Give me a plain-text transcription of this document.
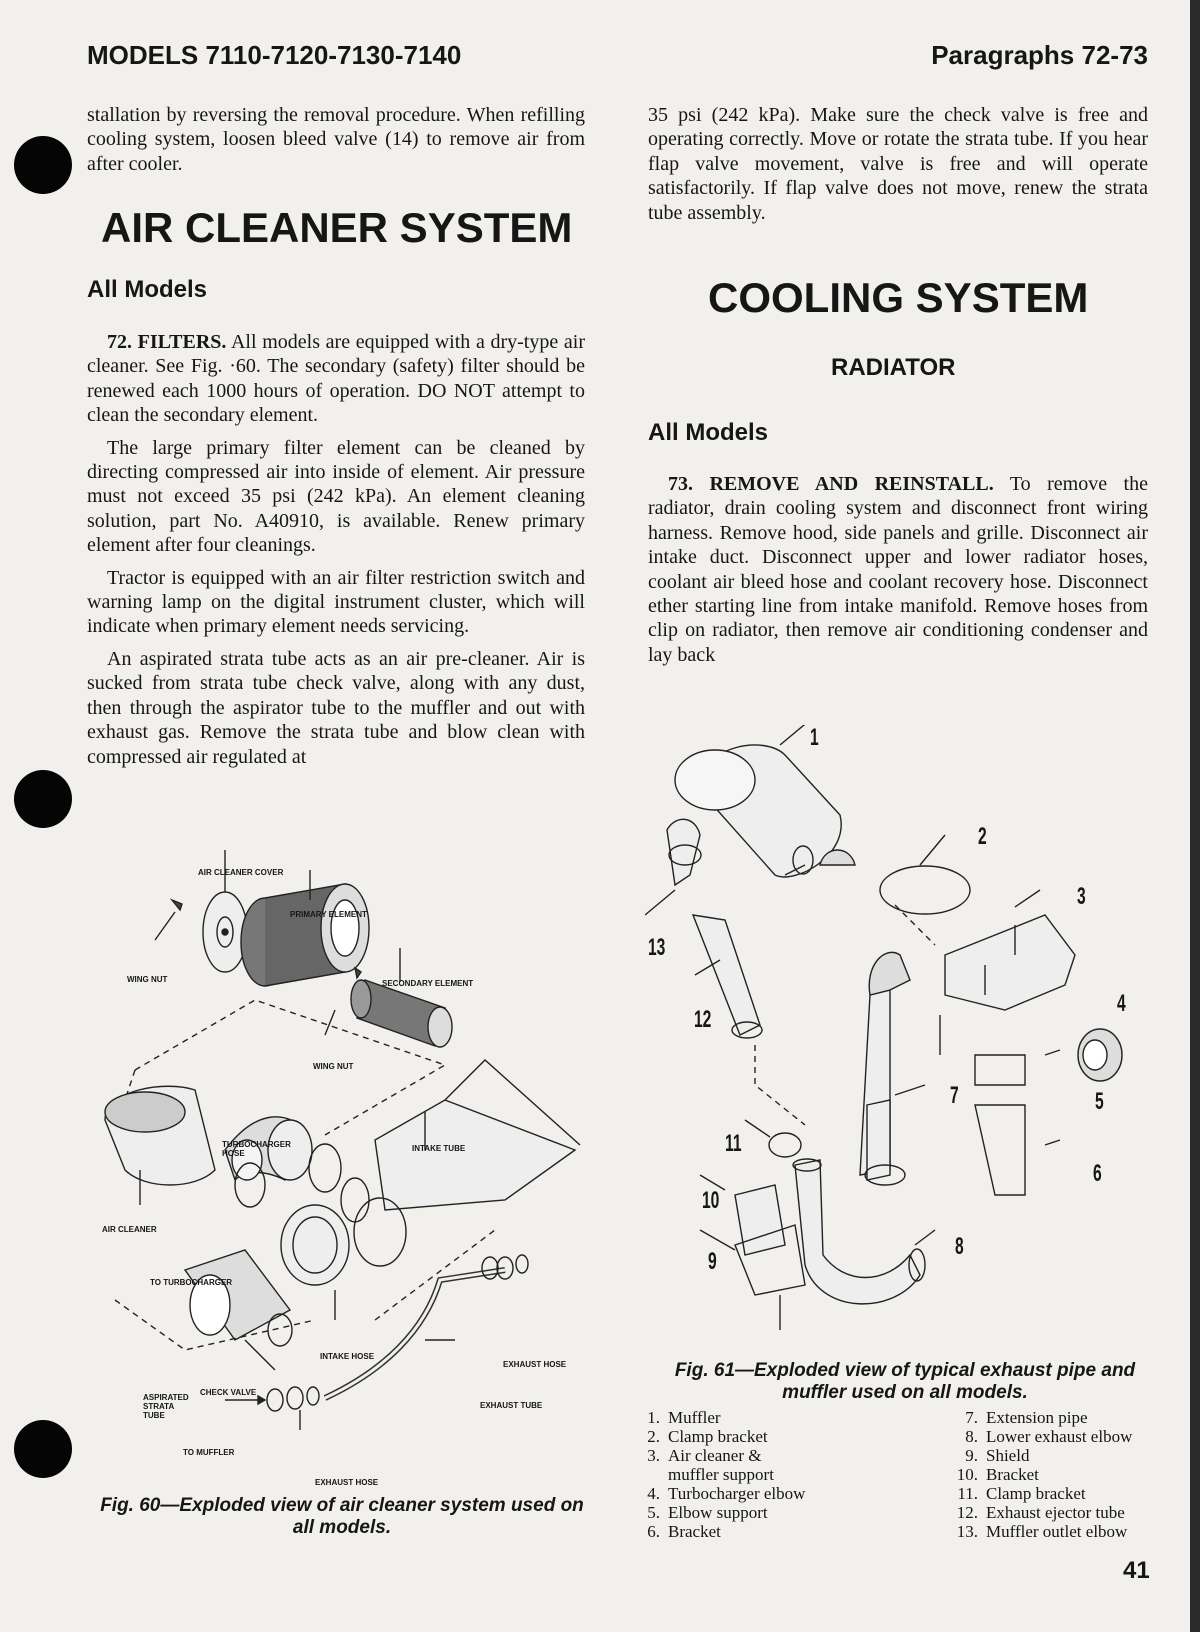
MODELS 7110-7120-7130-7140	Paragraphs 72-73

stallation by reversing the removal procedure. When refilling cooling system, loosen bleed valve (14) to remove air from after cooler.

AIR CLEANER SYSTEM
All Models

72. FILTERS. All models are equipped with a dry-type air cleaner. See Fig. ·60. The secondary (safety) filter should be renewed each 1000 hours of operation. DO NOT attempt to clean the secondary element.

The large primary filter element can be cleaned by directing compressed air into inside of element. Air pressure must not exceed 35 psi (242 kPa). An element cleaning solution, part No. A40910, is available. Renew primary element after four cleanings.

Tractor is equipped with an air filter restriction switch and warning lamp on the digital instrument cluster, which will indicate when primary element needs servicing.

An aspirated strata tube acts as an air pre-cleaner. Air is sucked from strata tube check valve, along with any dust, then through the aspirator tube to the muffler and out with exhaust gas. Remove the strata tube and blow clean with compressed air regulated at

35 psi (242 kPa). Make sure the check valve is free and operating correctly. Move or rotate the strata tube. If you hear flap valve movement, valve is free and will operate satisfactorily. If flap valve does not move, renew the strata tube assembly.

COOLING SYSTEM
RADIATOR
All Models

73. REMOVE AND REINSTALL. To remove the radiator, drain cooling system and disconnect front wiring harness. Remove hood, side panels and grille. Disconnect air intake duct. Disconnect upper and lower radiator hoses, coolant air bleed hose and coolant recovery hose. Disconnect ether starting line from intake manifold. Remove hoses from clip on radiator, then remove air conditioning condenser and lay back

AIR CLEANER COVER
PRIMARY ELEMENT
WING NUT	SECONDARY ELEMENT
WING NUT
TURBOCHARGER HOSE
INTAKE TUBE
AIR CLEANER
TO TURBOCHARGER
INTAKE HOSE
EXHAUST HOSE
CHECK VALVE
ASPIRATED STRATA TUBE
EXHAUST TUBE
TO MUFFLER
EXHAUST HOSE
Fig. 60—Exploded view of air cleaner system used on all models.
1
2
3
4
5
6
7
8
9
10
11
12
13
Fig. 61—Exploded view of typical exhaust pipe and muffler used on all models.
1. Muffler
2. Clamp bracket
3. Air cleaner &
muffler support
4. Turbocharger elbow
5. Elbow support
6. Bracket
7. Extension pipe
8. Lower exhaust elbow
9. Shield
10. Bracket
11. Clamp bracket
12. Exhaust ejector tube
13. Muffler outlet elbow
41
